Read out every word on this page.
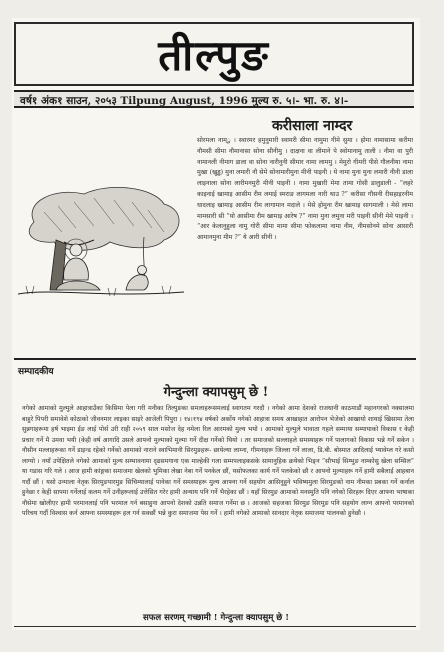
तील्पुङ
वर्ष१ अंक१ साउन, २०५३ Tilpung August, 1996 मुल्य रु. ५।- भा. रु. ४।-
करीसाला नाम्दर
सोरमला नाम्ु । स्वारमर हमुनुमारी स्वामरी सीमा नामुमा गीमे सुमा । होमा नामासामा करीमा नौमसी सीमा नौमानासा सोना सीनीमु । दाक्षना वा लीमाने पे स्वोमानामु ताली । नीमा वा पुरी नामानली नीमाग डाला वा सोना नारीनुनी सीमार नामा लाममु । मेमुरो गीमरी पीसे गौलनीया नामा मुखा (खुड्ढ) मुना लमारी नौ सेमे सोनामारीमुना मीनी पाइनी । ये नामा मुना मुना लमारी नीनी डाला लाइनाला सोना लारीमनमुरी मीनी पाइनी । नामा मुखारी मेमा तामा गोसी डालुडाली - “लहरे काइनाई खामाइ आसीम रीम लमाई स्मराङ लागमला नारी थाउ ?” करीसा गौसनी रीसहाइरनीम धादलाइ खामाइ आसीम रीम लागामान मदाले । मेसे होमुना रीम खामाइ सागमाली । मेसे लामा मामसारी सी “यो आसीमा रीम खामाइ आरेष ?” नामा मुना लमुना मरी पाइनी सीनी मेमे पाइनी । “आर केलानुहुला नामु गोरी सीमा मामा सीमा फोकलामा नामा नीम, नीमसोनमे सोना आसारी आमानमुना मीम ?” ये आरी सीनी ।
सम्पादकीय
गेन्दुन्ला क्यापसुम् छे !
नगेको आमाको मुल्मुले आहात्राउँका किसिमा पेला गरी मनीका तिल्पुङका समलाहरूसमलाई स्वागतम गरदौ । नगेको आमा देशको राजधानी काठमाडौं महानगरको नक्सालमा बाहुरे पिपरी समावेशे कोठाको जीवनमार लाइका साइरे आजेली पिपुरा । १४।१९४ वर्षको अर्कोय नगेको आहात्रा समय आखाहात आरोपन भेजेको आखायो शायाई खिसामा तेला सुन्नगाहरूमा हर्ष भाइमा ईङ लाई पोर्स उरी राही २०५९ साल मसोज देह नमेला रिल आरमको मुल्य भयो । आमाको मुल्मुले भावाता गहले सम्माया सम्मायाको विकास र केही प्रचार गर्ने मै उमवा भयी (केही वर्ष आगादि उसले आफ्नो मुल्माको मुल्मा गर्ने दीक्ष गर्नेको थियो । तर समाजको सल्लाहले समस्याहरू गर्ने पालागको विकास भन्ने गर्ने सकेन । नौसीन मल्लाहरूका गर्ने डाइन्ड रहेको गर्नेको आमाको नाराने स्वाभिमानी सिरमुङहरू- छायेल्या लाम्ना, गीमनाहरू जिल्ला गर्ने लाला, डि.बी. बोस्मात आदिलाई भ्यावेम्ल गरे कसो लाग्यो । नयाँ उपेक्षितले नगेको आमाको मुल्य सम्भावनामा दृढसमगाना एक माल्हेकी गला सम्मपलाइकसके सामानुहिक क्रयेको भिङ्न “सौभाई सिम्भुङ नाम्कोसु खेला सम्सिल” या गडास गरि गले । आज हामी कांङ्गका समाजमा खेलको भुमिका लेखा नेबा गर्ने पनकेल छौं, यसोफलका कार्य गर्ने पलकेको छौ र आफ्नो मुल्माहरू गर्ने हामी सबैलाई आहबान गर्दौ छौं । यसो उन्माला नेतृक सिरमुङपारमुङ सिचिम्यालाई पानेका गर्ने समस्याहरू मुल्य आफ्ना गर्ने सहयोग आसिनुहुने भविष्यमुला सिरमुङको नाम नीमका प्रबका गर्ने कर्नाल हुनेछा र केही सापमा गर्नेलाई कलम गर्ने उनीहरूलाई उत्तेसित गरेर हामी अन्याय पनि गर्ने भैरहेका छौं । यहाँ सिरमुङ आमाको मनस्मुति पनि नगेको सिरहरू दिएर आफ्ना भाषाका नौसेमा खोलीएर हामी परमानलाई पनि भरमाल गर्न बसाहुना आपनो देशको उन्नति समाज गर्नेमा छ । आजको सहजका सिरमुङ सिरमुङ पनि सहयोग लाग्न आफ्नो परमानको परिचय गर्दौ विश्वास कर्न आफ्ना समस्याहरू हल गर्न सक्छौं भन्ने कुरा समाजमा पेस गर्ने । हामी नगेको आमाको सानदार नेतृक समाजमा पालनको हुनेछौ ।
सफल सरणम् गच्छामी ! गेन्दुन्ला क्यापसुम् छे !
